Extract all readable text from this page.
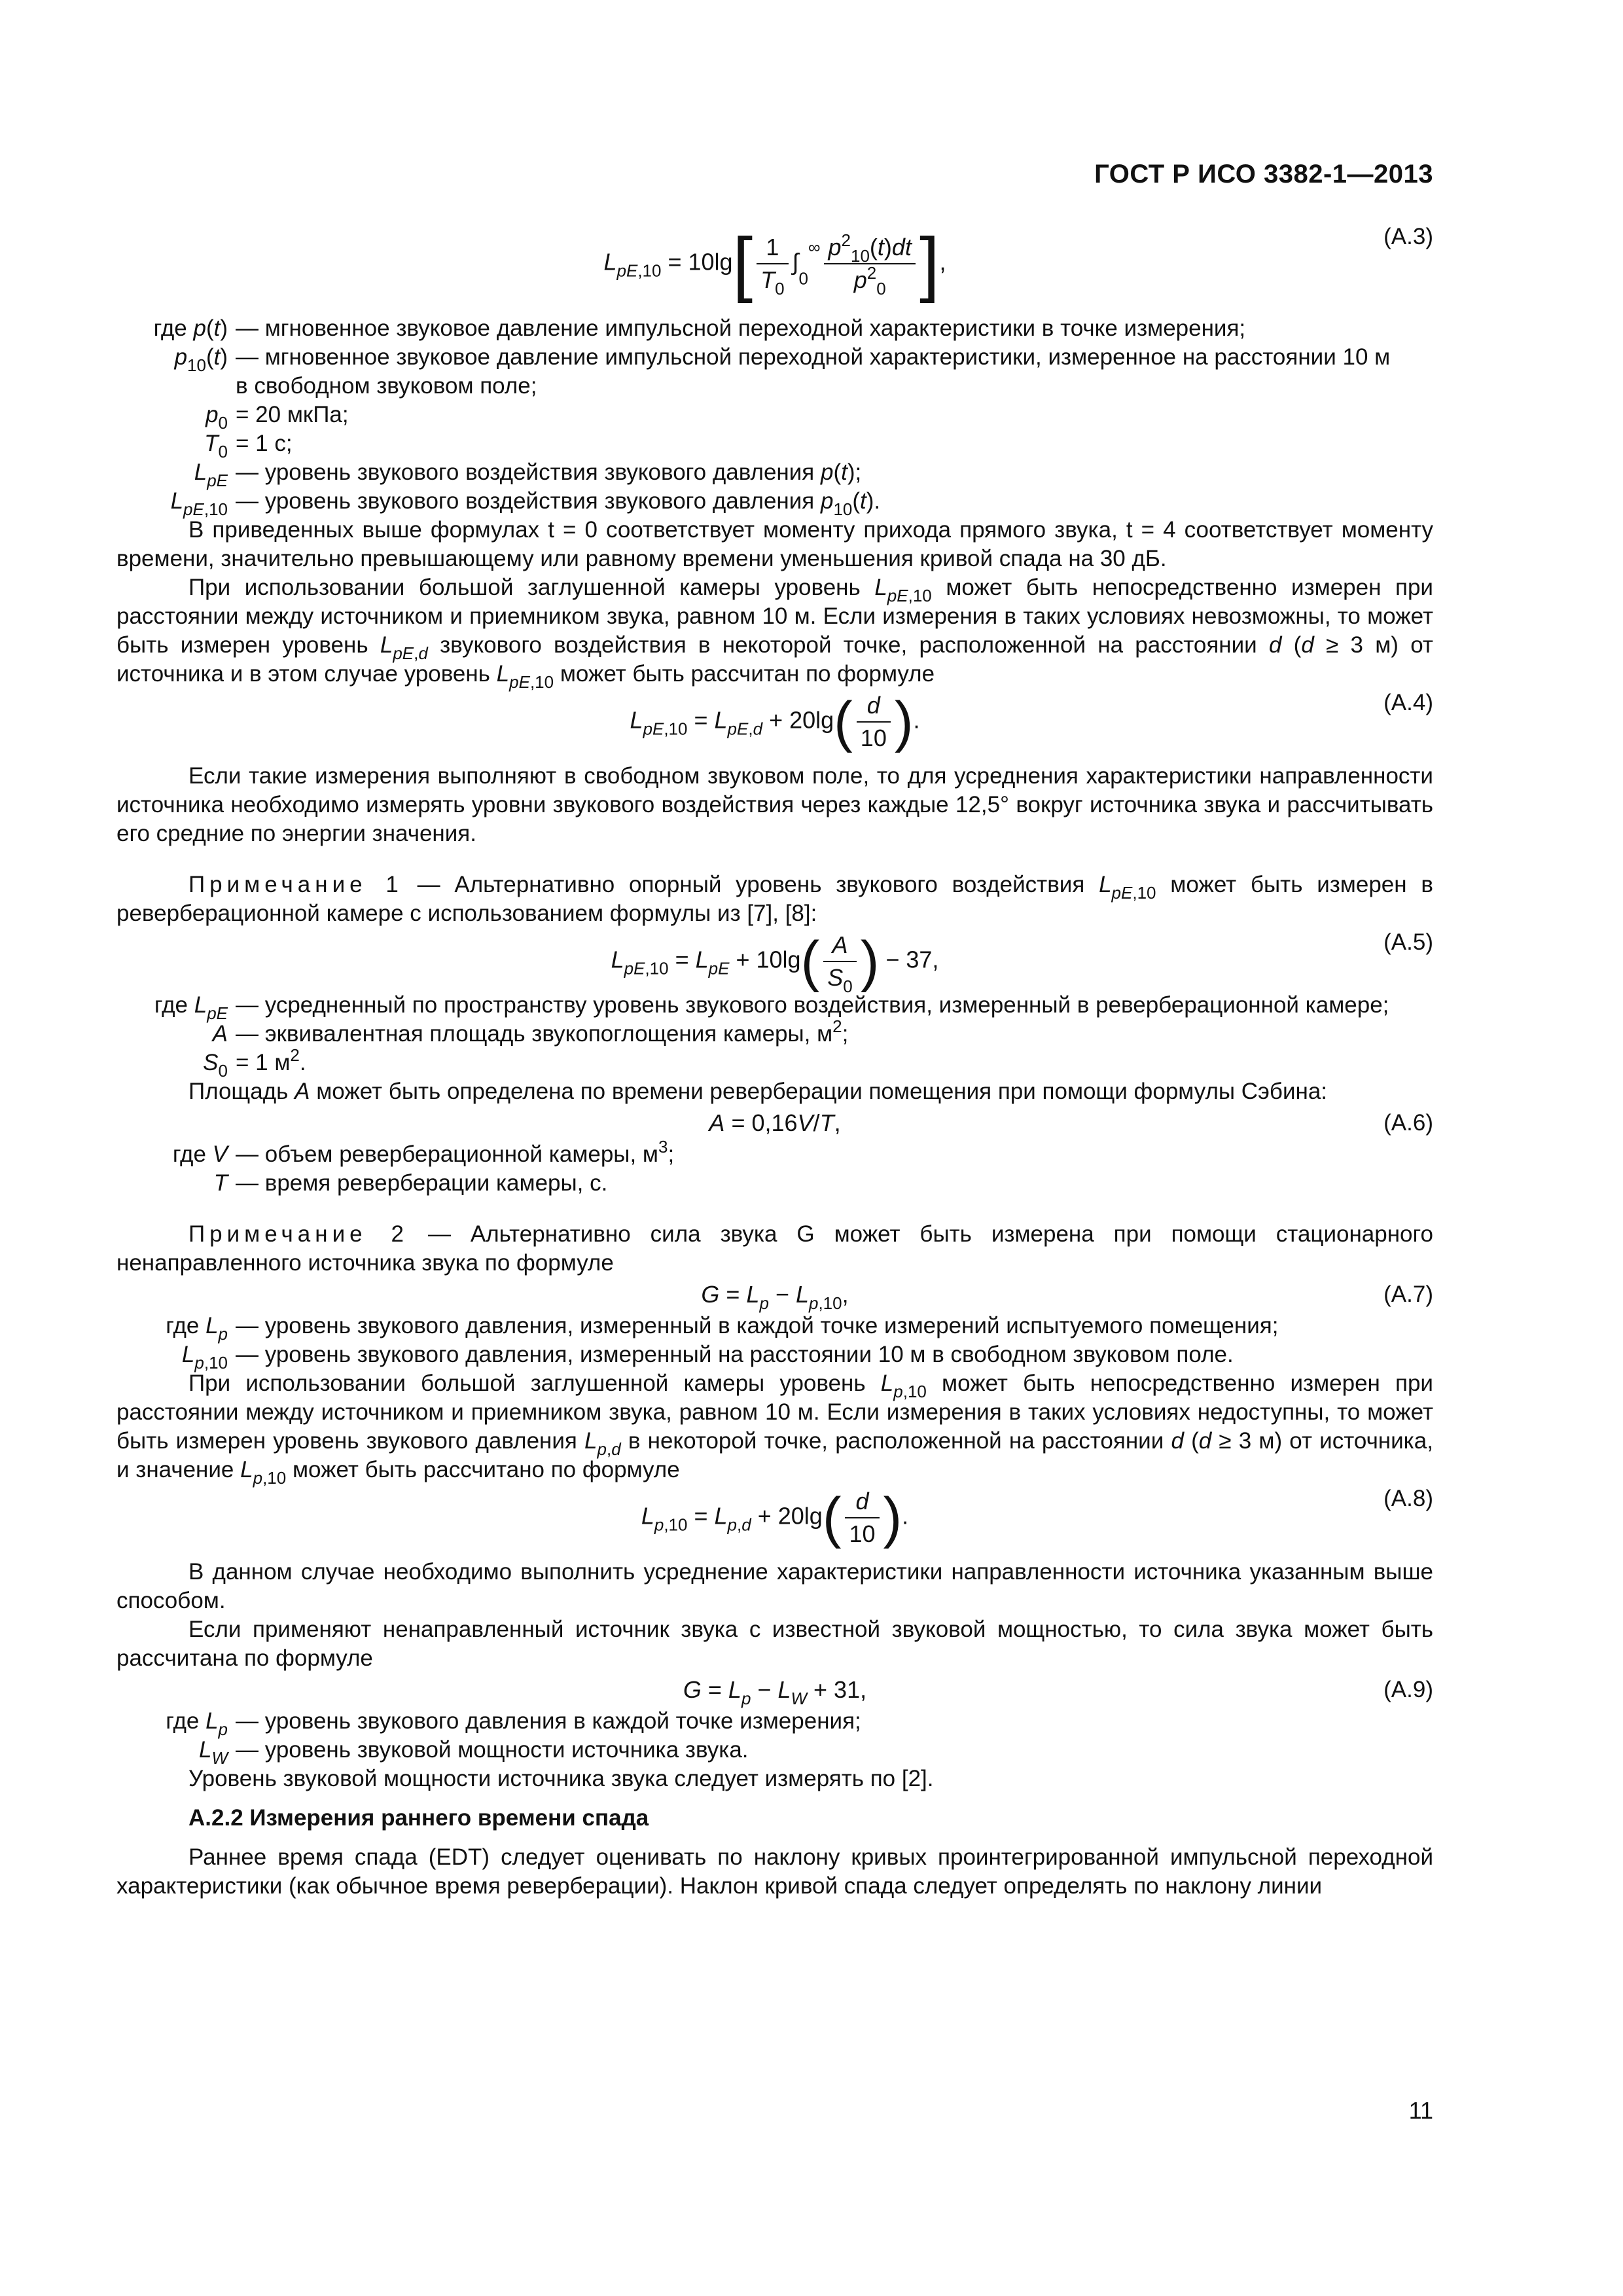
ГОСТ Р ИСО 3382-1—2013
$L_{pE,10} = 10\lg[ \frac{1}{T_0} \int_0^\infty \frac{p^2_{10}(t)dt}{p^2_0}$ ],
(A.3)
где p(t) — мгновенное звуковое давление импульсной переходной характеристики в точке измерения;
$p_{10}(t)$ — мгновенное звуковое давление импульсной переходной характеристики, измеренное на расстоянии 10 м
в свободном звуковом поле;
$p_0 = 20$ мкПа;
$T_0 = 1$ с;
$L_{pE}$ — уровень звукового воздействия звукового давления p(t);
$L_{pE,10}$ — уровень звукового воздействия звукового давления $p_{10}(t)$.

В приведенных выше формулах t = 0 соответствует моменту прихода прямого звука, t = 4 соответствует моменту времени, значительно превышающему или равному времени уменьшения кривой спада на 30 дБ.

При использовании большой заглушенной камеры уровень $L_{pE,10}$ может быть непосредственно измерен при расстоянии между источником и приемником звука, равном 10 м. Если измерения в таких условиях невозможны, то может быть измерен уровень $L_{pE,d}$ звукового воздействия в некоторой точке, расположенной на расстоянии d (d ≥ 3 м) от источника и в этом случае уровень $L_{pE,10}$ может быть рассчитан по формуле

$L_{pE,10} = L_{pE,d} + 20\lg( \frac{d}{10}$ ).
(A.4)

Если такие измерения выполняют в свободном звуковом поле, то для усреднения характеристики направленности источника необходимо измерять уровни звукового воздействия через каждые 12,5° вокруг источника звука и рассчитывать его средние по энергии значения.

Примечание 1 — Альтернативно опорный уровень звукового воздействия $L_{pE,10}$ может быть измерен в реверберационной камере с использованием формулы из [7], [8]:

$L_{pE,10} = L_{pE} + 10\lg( \frac{A}{S_0}$ ) − 37,
(A.5)
где $L_{pE}$ — усредненный по пространству уровень звукового воздействия, измеренный в реверберационной камере;
A — эквивалентная площадь звукопоглощения камеры, $м^2$;
$S_0 = 1$ $м^2$.

Площадь A может быть определена по времени реверберации помещения при помощи формулы Сэбина:

A = 0,16V/T,	(A.6)
где V — объем реверберационной камеры, $м^3$;
T — время реверберации камеры, с.

Примечание 2 — Альтернативно сила звука G может быть измерена при помощи стационарного ненаправленного источника звука по формуле

$G = L_p - L_{p,10}$,	(A.7)
где $L_p$ — уровень звукового давления, измеренный в каждой точке измерений испытуемого помещения;
$L_{p,10}$ — уровень звукового давления, измеренный на расстоянии 10 м в свободном звуковом поле.

При использовании большой заглушенной камеры уровень $L_{p,10}$ может быть непосредственно измерен при расстоянии между источником и приемником звука, равном 10 м. Если измерения в таких условиях недоступны, то может быть измерен уровень звукового давления $L_{p,d}$ в некоторой точке, расположенной на расстоянии d (d ≥ 3 м) от источника, и значение $L_{p,10}$ может быть рассчитано по формуле

$L_{p,10} = L_{p,d} + 20\lg( \frac{d}{10}$ ).
(A.8)

В данном случае необходимо выполнить усреднение характеристики направленности источника указанным выше способом.

Если применяют ненаправленный источник звука с известной звуковой мощностью, то сила звука может быть рассчитана по формуле

$G = L_p - L_W + 31$,	(A.9)
где $L_p$ — уровень звукового давления в каждой точке измерения;
$L_W$ — уровень звуковой мощности источника звука.

Уровень звуковой мощности источника звука следует измерять по [2].

А.2.2 Измерения раннего времени спада

Раннее время спада (EDT) следует оценивать по наклону кривых проинтегрированной импульсной переходной характеристики (как обычное время реверберации). Наклон кривой спада следует определять по наклону линии

11
